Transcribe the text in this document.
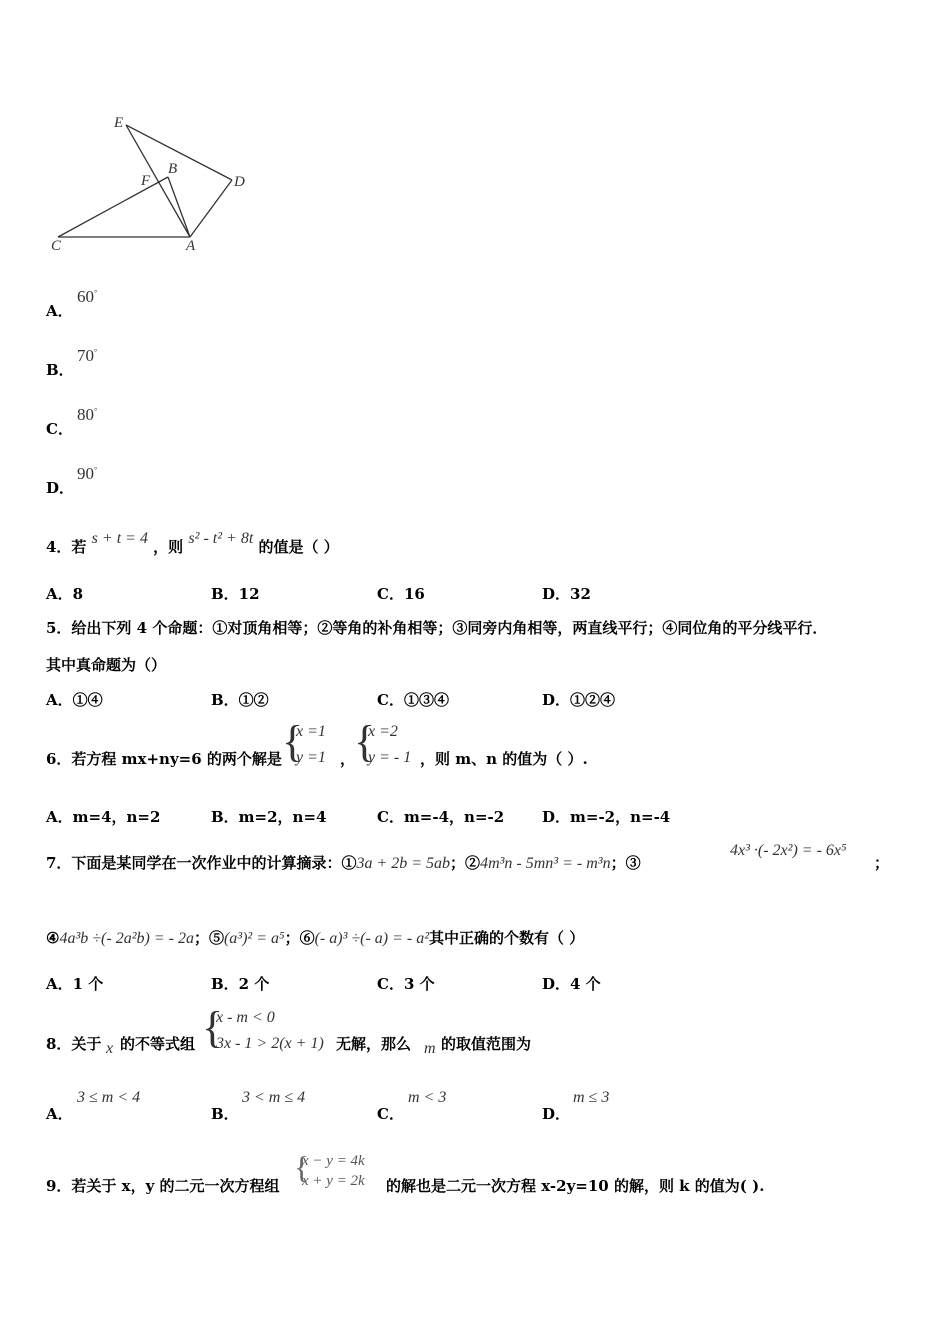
E
B
F	D
C	A
A．
60°
B．
70°
C．
80°
D．
90°
4．若 s + t = 4 ，则 s² - t² + 8t 的值是（ ）
A．8	B．12	C．16	D．32
5．给出下列 4 个命题：①对顶角相等；②等角的补角相等；③同旁内角相等，两直线平行；④同位角的平分线平行．
其中真命题为（）
A．①④	B．①②	C．①③④	D．①②④
6．若方程 mx+ny=6 的两个解是 {
x =1
y =1 ，
{
x =2
y = - 1 ，则 m、n 的值为（ ）.
A．m=4，n=2	B．m=2，n=4	C．m=-4，n=-2	D．m=-2，n=-4
7．下面是某同学在一次作业中的计算摘录：①3a + 2b = 5ab；②4m³n - 5mn³ = - m³n；③
4x³ ·(- 2x²) = - 6x⁵
；
④4a³b ÷(- 2a²b) = - 2a；⑤(a³)² = a⁵；⑥(- a)³ ÷(- a) = - a²其中正确的个数有（ ）
A．1 个	B．2 个	C．3 个	D．4 个
8．关于 x 的不等式组 {
x - m < 0
3x - 1 > 2(x + 1) 无解，那么 m 的取值范围为
A．
3 ≤ m < 4
B．
3 < m ≤ 4
C．
m < 3
D．
m ≤ 3
9．若关于 x，y 的二元一次方程组
{
x − y = 4k
x + y = 2k 的解也是二元一次方程 x-2y=10 的解，则 k 的值为( ).
